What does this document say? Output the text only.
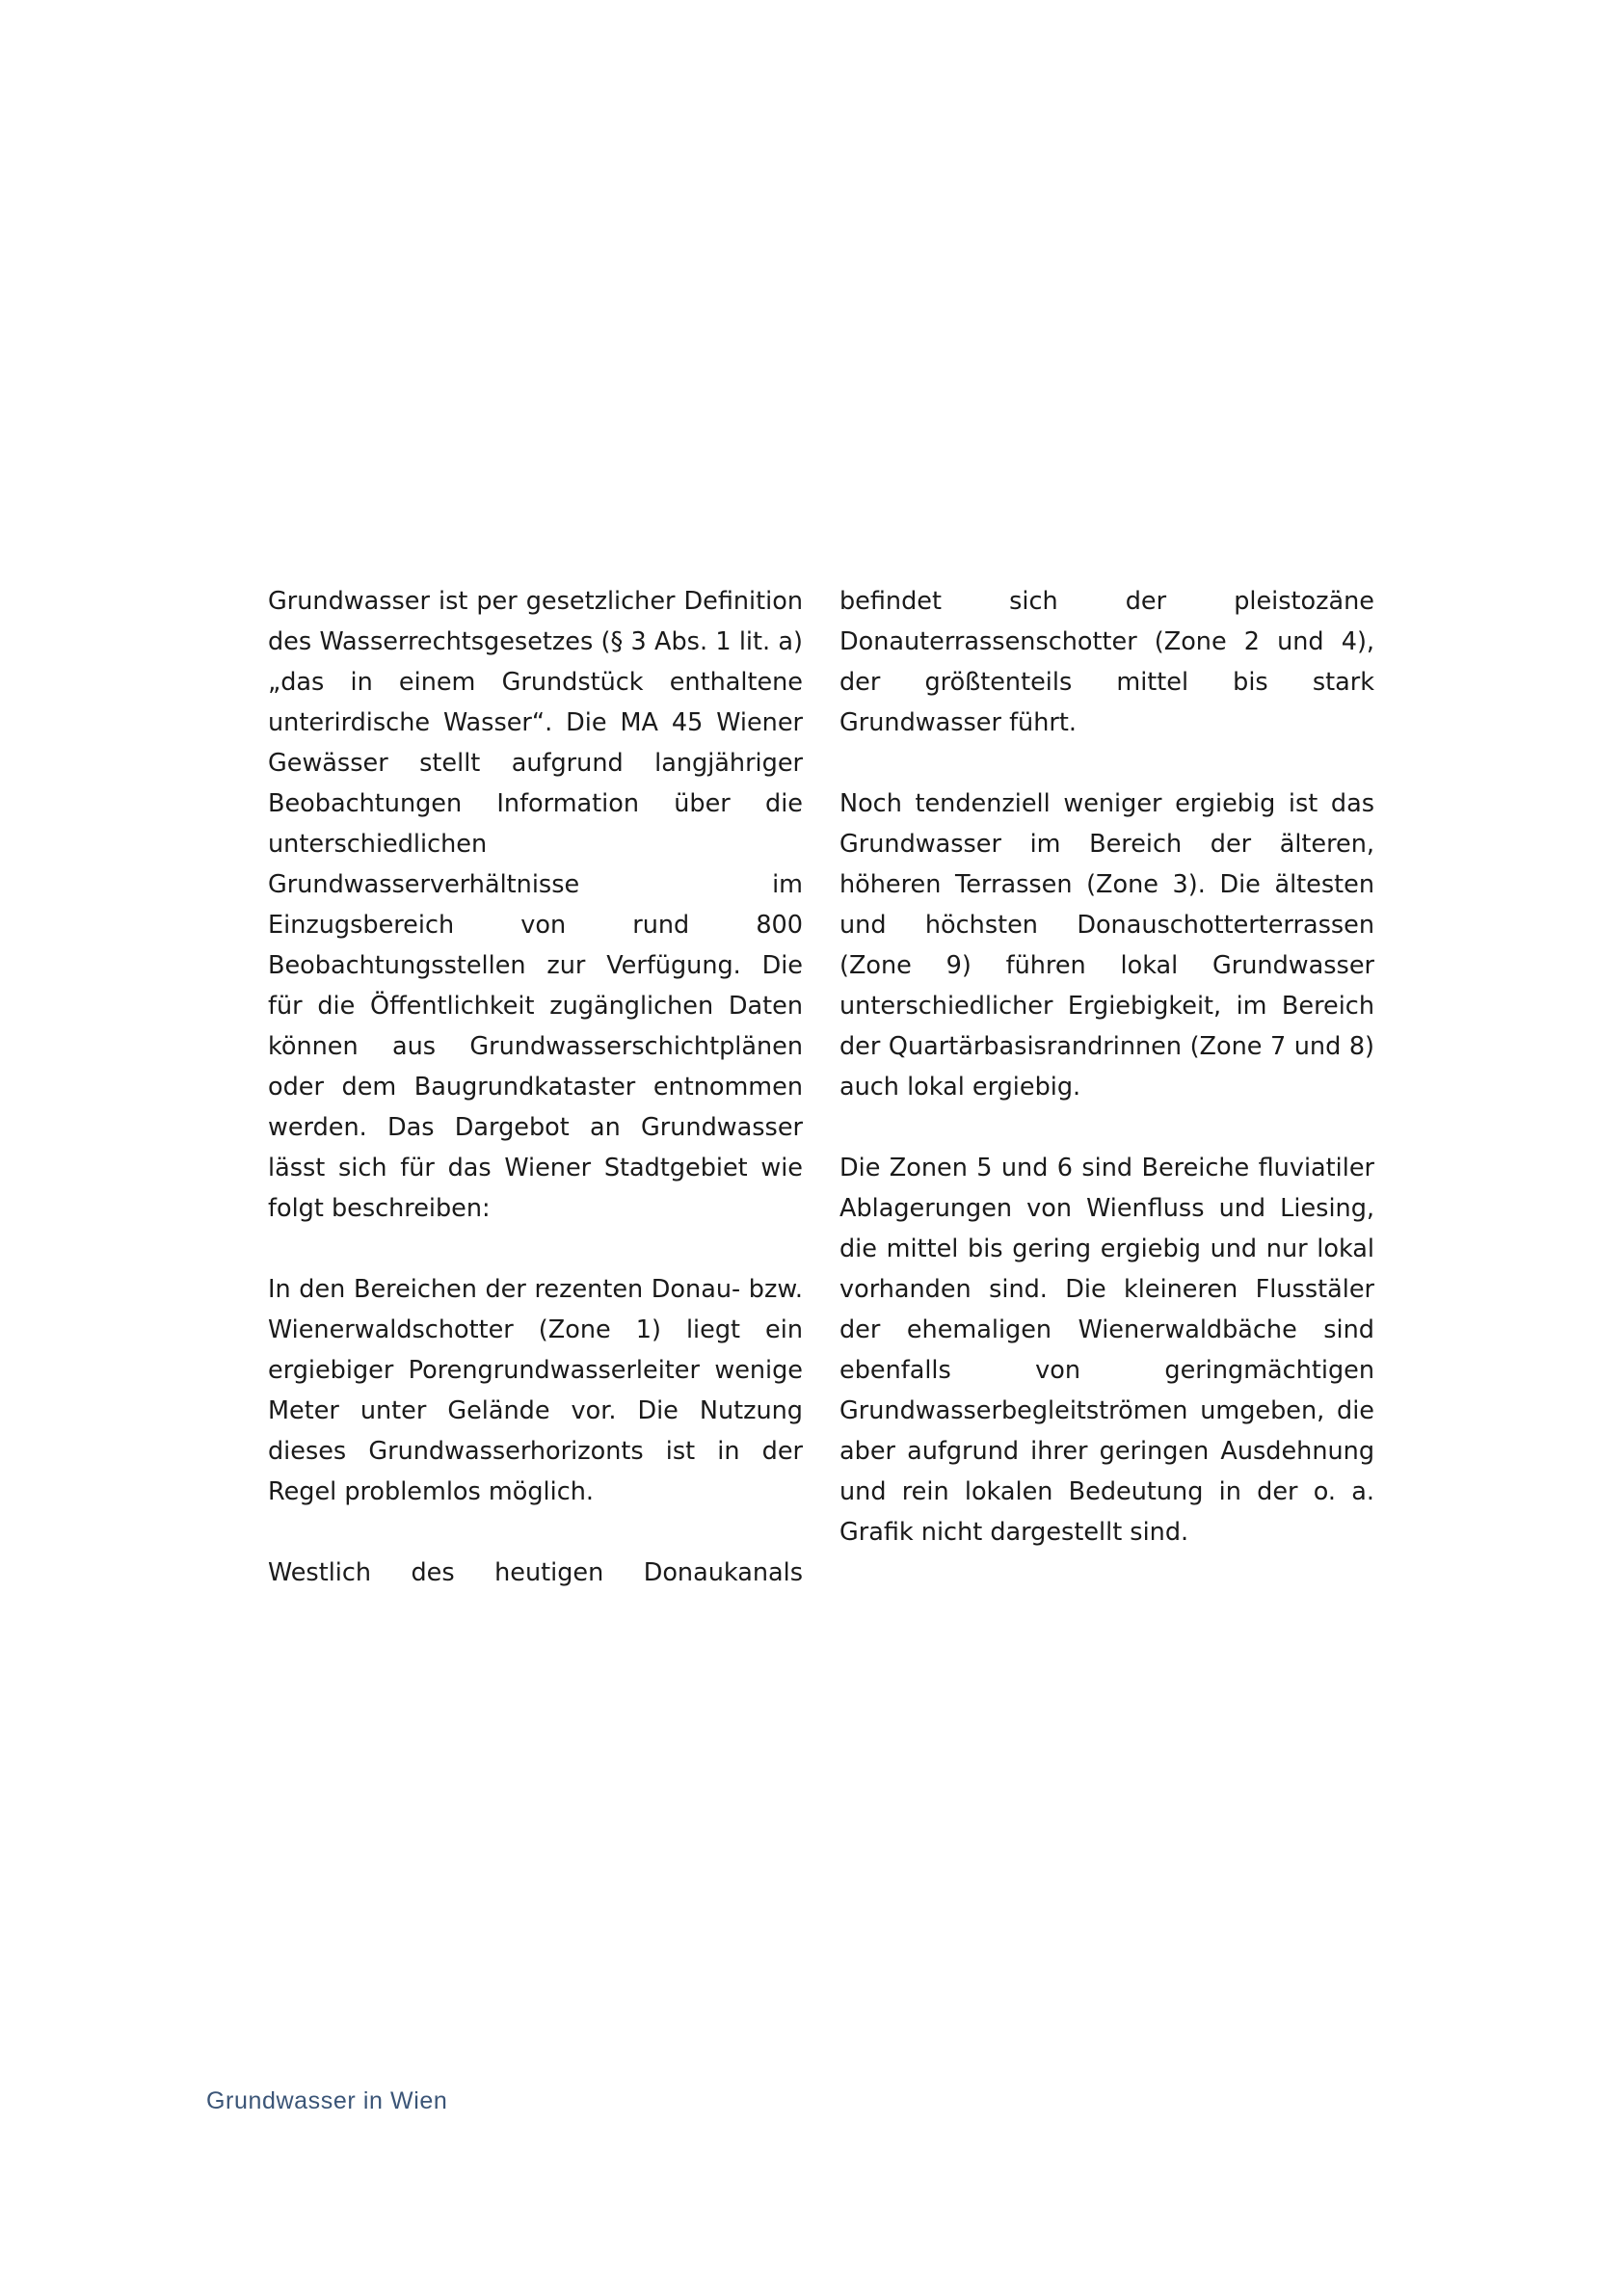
Grundwasser ist per gesetzlicher Definition des Wasserrechtsgesetzes (§ 3 Abs. 1 lit. a) „das in einem Grundstück enthaltene unterirdische Wasser“. Die MA 45 Wiener Gewässer stellt aufgrund langjähriger Beobachtungen Information über die unterschiedlichen Grundwasserverhältnisse im Einzugsbereich von rund 800 Beobachtungsstellen zur Verfügung. Die für die Öffentlichkeit zugänglichen Daten können aus Grundwasserschichtplänen oder dem Baugrundkataster entnommen werden. Das Dargebot an Grundwasser lässt sich für das Wiener Stadtgebiet wie folgt beschreiben:

In den Bereichen der rezenten Donau- bzw. Wienerwaldschotter (Zone 1) liegt ein ergiebiger Porengrundwasserleiter wenige Meter unter Gelände vor. Die Nutzung dieses Grundwasserhorizonts ist in der Regel problemlos möglich.

Westlich des heutigen Donaukanals

befindet sich der pleistozäne Donauterrassenschotter (Zone 2 und 4), der größtenteils mittel bis stark Grundwasser führt.

Noch tendenziell weniger ergiebig ist das Grundwasser im Bereich der älteren, höheren Terrassen (Zone 3). Die ältesten und höchsten Donauschotterterrassen (Zone 9) führen lokal Grundwasser unterschiedlicher Ergiebigkeit, im Bereich der Quartärbasisrandrinnen (Zone 7 und 8) auch lokal ergiebig.

Die Zonen 5 und 6 sind Bereiche fluviatiler Ablagerungen von Wienfluss und Liesing, die mittel bis gering ergiebig und nur lokal vorhanden sind. Die kleineren Flusstäler der ehemaligen Wienerwaldbäche sind ebenfalls von geringmächtigen Grundwasserbegleitströmen umgeben, die aber aufgrund ihrer geringen Ausdehnung und rein lokalen Bedeutung in der o. a. Grafik nicht dargestellt sind.

Grundwasser in Wien
